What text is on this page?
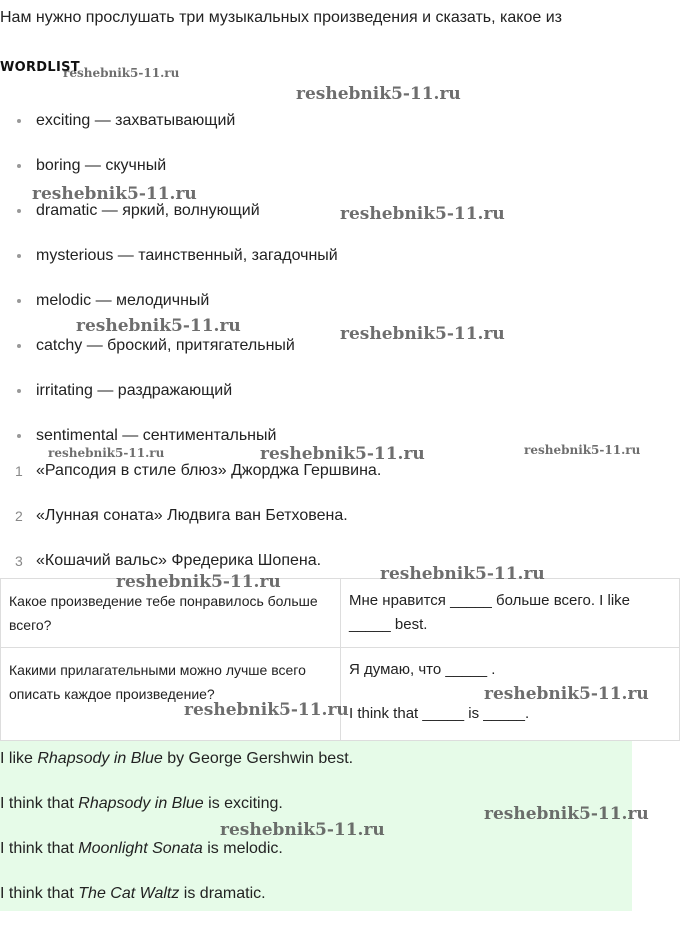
Нам нужно прослушать три музыкальных произведения и сказать, какое из
WORDLIST
exciting — захватывающий
boring — скучный
dramatic — яркий, волнующий
mysterious — таинственный, загадочный
melodic — мелодичный
catchy — броский, притягательный
irritating — раздражающий
sentimental — сентиментальный
1 «Рапсодия в стиле блюз» Джорджа Гершвина.
2 «Лунная соната» Людвига ван Бетховена.
3 «Кошачий вальс» Фредерика Шопена.
Какое произведение тебе понравилось больше всего?	Мне нравится _____ больше всего. I like _____ best.
Какими прилагательными можно лучше всего описать каждое произведение?	Я думаю, что _____ .
I think that _____ is _____.

I like Rhapsody in Blue by George Gershwin best.

I think that Rhapsody in Blue is exciting.

I think that Moonlight Sonata is melodic.

I think that The Cat Waltz is dramatic.

reshebnik5-11.ru
reshebnik5-11.ru
reshebnik5-11.ru
reshebnik5-11.ru
reshebnik5-11.ru	reshebnik5-11.ru
reshebnik5-11.ru	reshebnik5-11.ru	reshebnik5-11.ru
reshebnik5-11.ru	reshebnik5-11.ru
reshebnik5-11.ru
reshebnik5-11.ru
reshebnik5-11.ru
reshebnik5-11.ru
